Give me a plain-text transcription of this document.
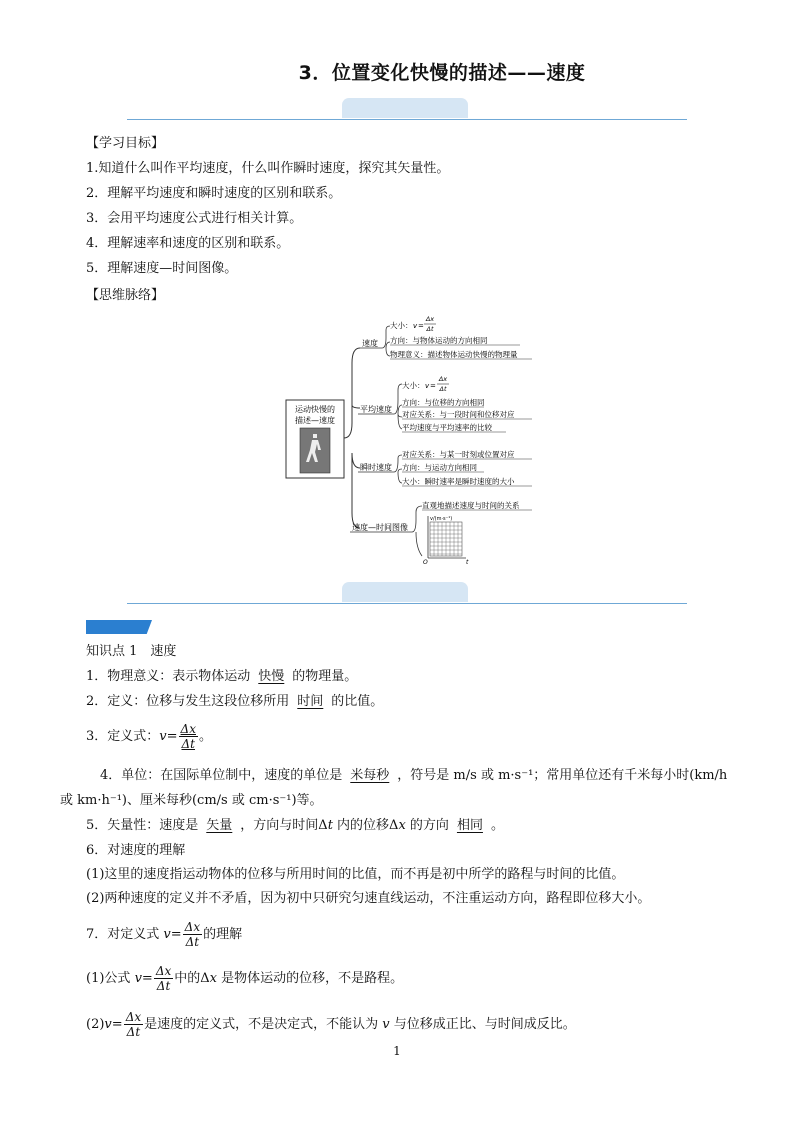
3．位置变化快慢的描述——速度
【学习目标】
1.知道什么叫作平均速度，什么叫作瞬时速度，探究其矢量性。
2．理解平均速度和瞬时速度的区别和联系。
3．会用平均速度公式进行相关计算。
4．理解速率和速度的区别和联系。
5．理解速度—时间图像。
【思维脉络】
运动快慢的
描述—速度
速度
大小： v =
Δx
Δt
方向：与物体运动的方向相同
物理意义：描述物体运动快慢的物理量
平均速度
大小： v =
Δx
Δt
方向：与位移的方向相同
对应关系：与一段时间和位移对应
平均速度与平均速率的比较
瞬时速度
对应关系：与某一时刻或位置对应
方向：与运动方向相同
大小：瞬时速率是瞬时速度的大小
速度—时间图像
直观地描述速度与时间的关系
v/(m·s⁻¹)
O	t
知识点 1　速度
1．物理意义：表示物体运动 快慢 的物理量。
2．定义：位移与发生这段位移所用 时间 的比值。
3．定义式：$v= \frac{\Delta x}{\Delta t}$ 。
4．单位：在国际单位制中，速度的单位是 米每秒 ，符号是 m/s 或 m·s⁻¹；常用单位还有千米每小时(km/h
或 km·h⁻¹)、厘米每秒(cm/s 或 cm·s⁻¹)等。
5．矢量性：速度是 矢量 ，方向与时间Δt 内的位移Δx 的方向 相同 。
6．对速度的理解
(1)这里的速度指运动物体的位移与所用时间的比值，而不再是初中所学的路程与时间的比值。
(2)两种速度的定义并不矛盾，因为初中只研究匀速直线运动，不注重运动方向，路程即位移大小。
7．对定义式 $v= \frac{\Delta x}{\Delta t}$ 的理解
(1)公式 $v= \frac{\Delta x}{\Delta t}$ 中的Δx 是物体运动的位移，不是路程。
$(2)v= \frac{\Delta x}{\Delta t}$ 是速度的定义式，不是决定式，不能认为 v 与位移成正比、与时间成反比。
1
